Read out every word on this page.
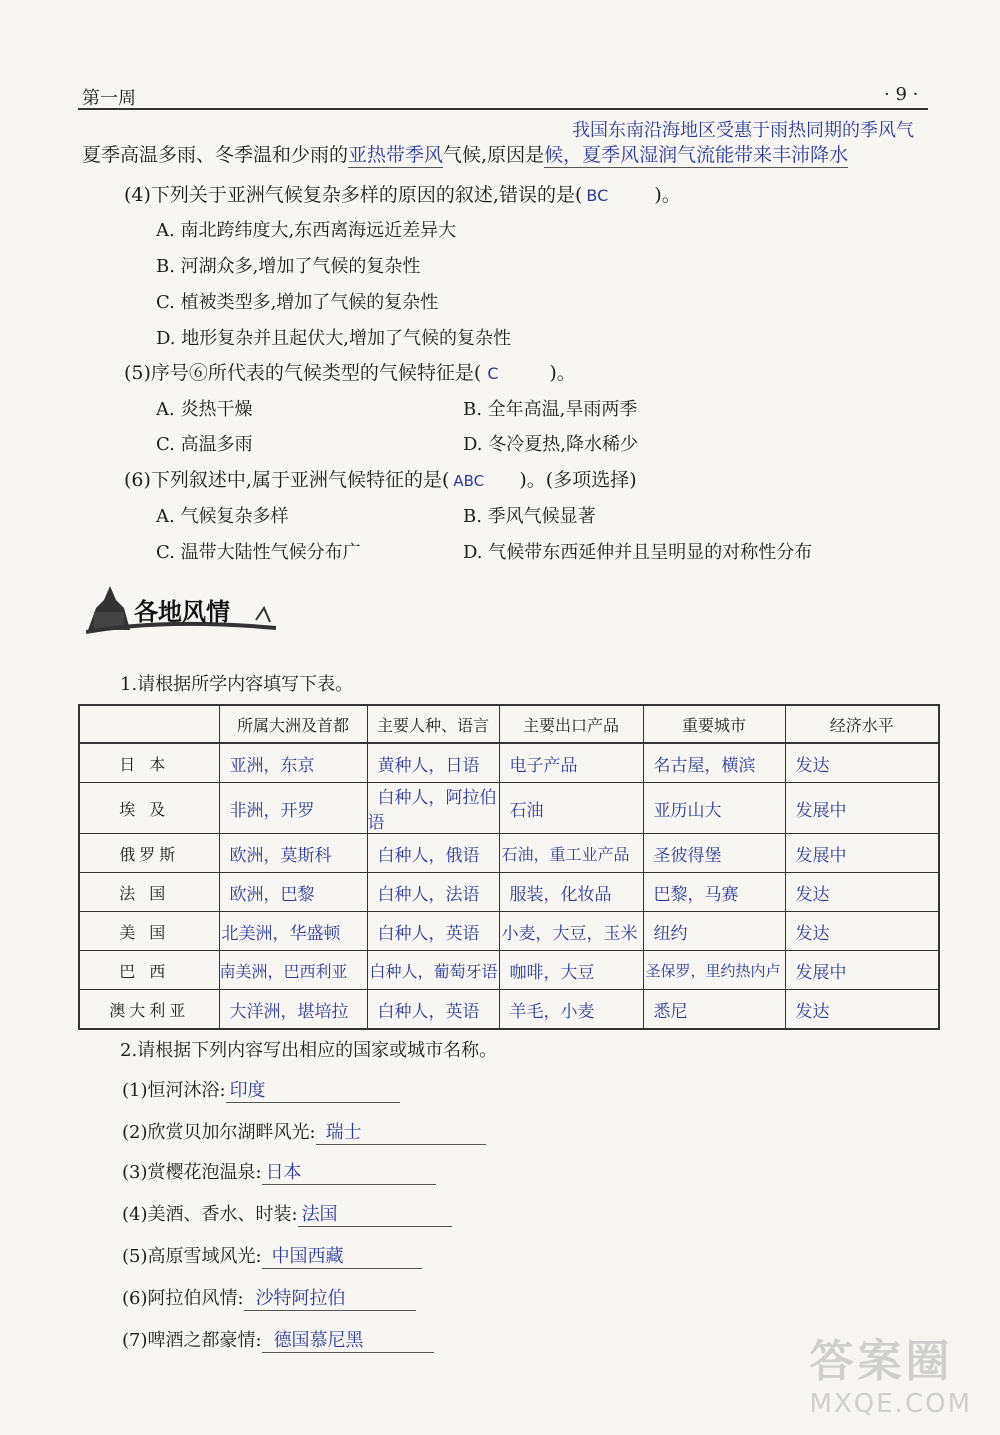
第一周	· 9 ·
我国东南沿海地区受惠于雨热同期的季风气
夏季高温多雨、冬季温和少雨的亚热带季风气候,原因是候，夏季风湿润气流能带来丰沛降水
(4)下列关于亚洲气候复杂多样的原因的叙述,错误的是( BC )。
A. 南北跨纬度大,东西离海远近差异大
B. 河湖众多,增加了气候的复杂性
C. 植被类型多,增加了气候的复杂性
D. 地形复杂并且起伏大,增加了气候的复杂性
(5)序号⑥所代表的气候类型的气候特征是( C	)。
A. 炎热干燥	B. 全年高温,旱雨两季
C. 高温多雨	D. 冬冷夏热,降水稀少
(6)下列叙述中,属于亚洲气候特征的是( ABC )。(多项选择)
A. 气候复杂多样	B. 季风气候显著
C. 温带大陆性气候分布广	D. 气候带东西延伸并且呈明显的对称性分布
各地风情
1.请根据所学内容填写下表。
	所属大洲及首都	主要人种、语言	主要出口产品	重要城市	经济水平
日本	亚洲，东京	黄种人，日语	电子产品	名古屋，横滨	发达
埃及	非洲，开罗	白种人，阿拉伯语	石油	亚历山大	发展中
俄罗斯	欧洲，莫斯科	白种人，俄语	石油，重工业产品	圣彼得堡	发展中
法国	欧洲，巴黎	白种人，法语	服装，化妆品	巴黎，马赛	发达
美国	北美洲，华盛顿	白种人，英语	小麦，大豆，玉米	纽约	发达
巴西	南美洲，巴西利亚	白种人，葡萄牙语	咖啡，大豆	圣保罗，里约热内卢	发展中
澳大利亚	大洋洲，堪培拉	白种人，英语	羊毛，小麦	悉尼	发达
2.请根据下列内容写出相应的国家或城市名称。
(1)恒河沐浴: 印度
(2)欣赏贝加尔湖畔风光: 瑞士
(3)赏樱花泡温泉: 日本
(4)美酒、香水、时装: 法国
(5)高原雪域风光: 中国西藏
(6)阿拉伯风情: 沙特阿拉伯
(7)啤酒之都豪情: 德国慕尼黑	答案圈
MXQE.COM
